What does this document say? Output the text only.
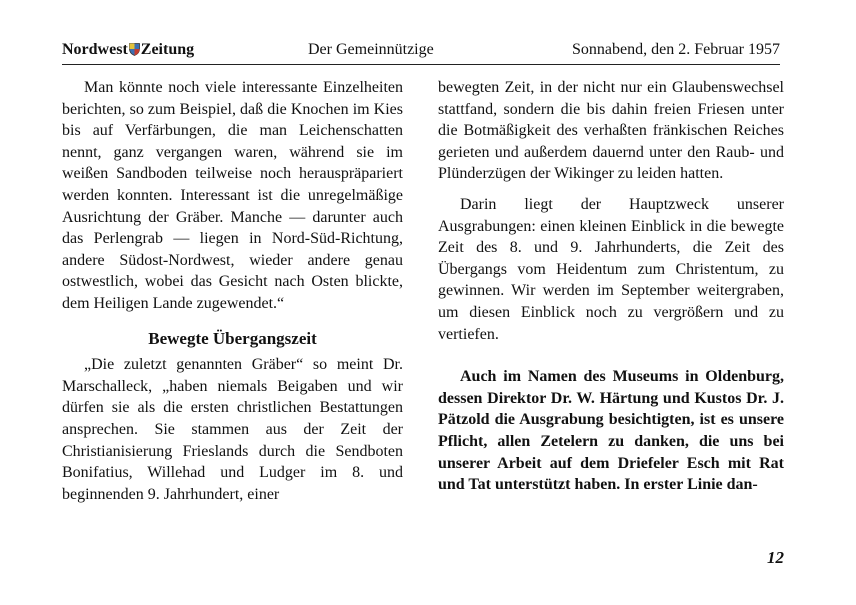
Nordwest Zeitung	Der Gemeinnützige	Sonnabend, den 2. Februar 1957

Man könnte noch viele interessante Einzelheiten berichten, so zum Beispiel, daß die Knochen im Kies bis auf Verfärbungen, die man Leichenschatten nennt, ganz vergangen waren, während sie im weißen Sandboden teilweise noch herauspräpariert werden konnten. Interessant ist die unregelmäßige Ausrichtung der Gräber. Manche — darunter auch das Perlengrab — liegen in Nord-Süd-Richtung, andere Südost-Nordwest, wieder andere genau ostwestlich, wobei das Gesicht nach Osten blickte, dem Heiligen Lande zugewendet.“

Bewegte Übergangszeit

„Die zuletzt genannten Gräber“ so meint Dr. Marschalleck, „haben niemals Beigaben und wir dürfen sie als die ersten christlichen Bestattungen ansprechen. Sie stammen aus der Zeit der Christianisierung Frieslands durch die Sendboten Bonifatius, Willehad und Ludger im 8. und beginnenden 9. Jahrhundert, einer

bewegten Zeit, in der nicht nur ein Glaubenswechsel stattfand, sondern die bis dahin freien Friesen unter die Botmäßigkeit des verhaßten fränkischen Reiches gerieten und außerdem dauernd unter den Raub- und Plünderzügen der Wikinger zu leiden hatten.

Darin liegt der Hauptzweck unserer Ausgrabungen: einen kleinen Einblick in die bewegte Zeit des 8. und 9. Jahrhunderts, die Zeit des Übergangs vom Heidentum zum Christentum, zu gewinnen. Wir werden im September weitergraben, um diesen Einblick noch zu vergrößern und zu vertiefen.

Auch im Namen des Museums in Oldenburg, dessen Direktor Dr. W. Härtung und Kustos Dr. J. Pätzold die Ausgrabung besichtigten, ist es unsere Pflicht, allen Zetelern zu danken, die uns bei unserer Arbeit auf dem Driefeler Esch mit Rat und Tat unterstützt haben. In erster Linie dan-

12
